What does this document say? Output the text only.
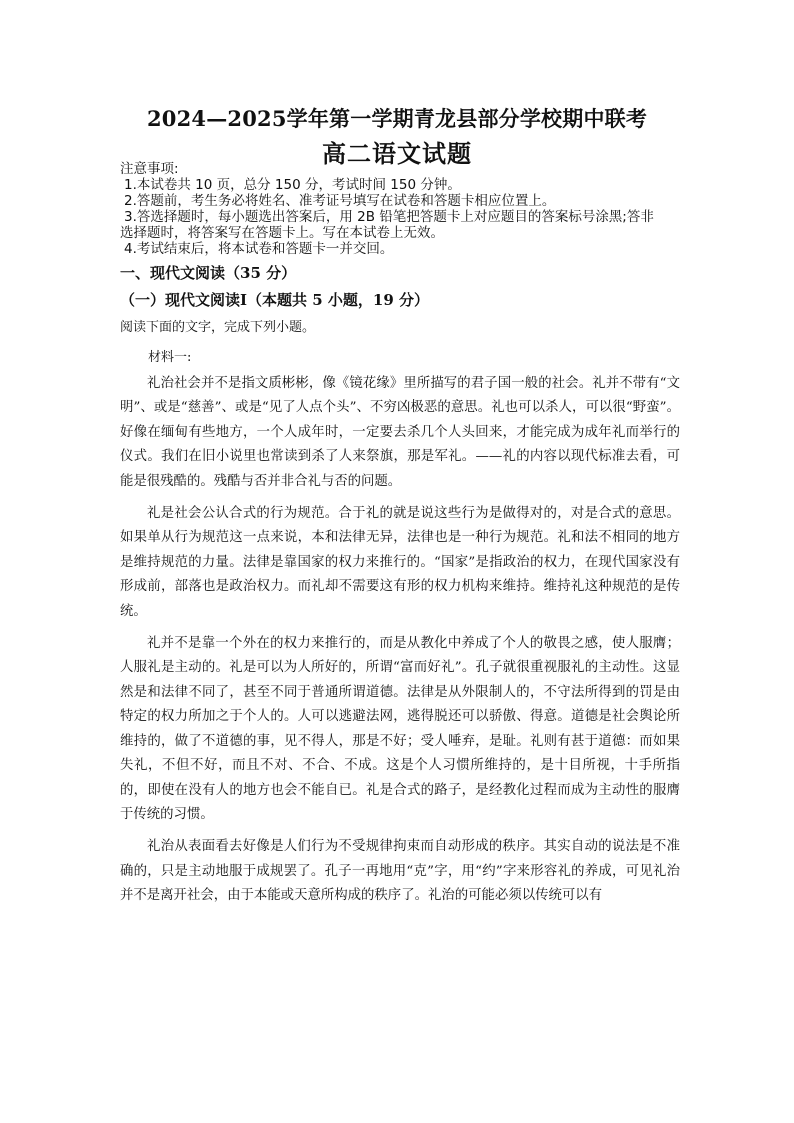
2024—2025学年第一学期青龙县部分学校期中联考
高二语文试题
注意事项:
1.本试卷共 10 页，总分 150 分，考试时间 150 分钟。
2.答题前，考生务必将姓名、准考证号填写在试卷和答题卡相应位置上。
3.答选择题时，每小题选出答案后，用 2B 铅笔把答题卡上对应题目的答案标号涂黑;答非
选择题时，将答案写在答题卡上。写在本试卷上无效。
4.考试结束后，将本试卷和答题卡一并交回。
一、现代文阅读（35 分）
（一）现代文阅读Ⅰ（本题共 5 小题，19 分）
阅读下面的文字，完成下列小题。
材料一:

礼治社会并不是指文质彬彬，像《镜花缘》里所描写的君子国一般的社会。礼并不带有“文明”、或是“慈善”、或是“见了人点个头”、不穷凶极恶的意思。礼也可以杀人，可以很“野蛮”。好像在缅甸有些地方，一个人成年时，一定要去杀几个人头回来，才能完成为成年礼而举行的仪式。我们在旧小说里也常读到杀了人来祭旗，那是军礼。——礼的内容以现代标准去看，可能是很残酷的。残酷与否并非合礼与否的问题。

礼是社会公认合式的行为规范。合于礼的就是说这些行为是做得对的，对是合式的意思。如果单从行为规范这一点来说，本和法律无异，法律也是一种行为规范。礼和法不相同的地方是维持规范的力量。法律是靠国家的权力来推行的。“国家”是指政治的权力，在现代国家没有形成前，部落也是政治权力。而礼却不需要这有形的权力机构来维持。维持礼这种规范的是传统。

礼并不是靠一个外在的权力来推行的，而是从教化中养成了个人的敬畏之感，使人服膺；人服礼是主动的。礼是可以为人所好的，所谓“富而好礼”。孔子就很重视服礼的主动性。这显然是和法律不同了，甚至不同于普通所谓道德。法律是从外限制人的，不守法所得到的罚是由特定的权力所加之于个人的。人可以逃避法网，逃得脱还可以骄傲、得意。道德是社会舆论所维持的，做了不道德的事，见不得人，那是不好；受人唾弃，是耻。礼则有甚于道德：而如果失礼，不但不好，而且不对、不合、不成。这是个人习惯所维持的，是十目所视，十手所指的，即使在没有人的地方也会不能自已。礼是合式的路子，是经教化过程而成为主动性的服膺于传统的习惯。

礼治从表面看去好像是人们行为不受规律拘束而自动形成的秩序。其实自动的说法是不准确的，只是主动地服于成规罢了。孔子一再地用“克”字，用“约”字来形容礼的养成，可见礼治并不是离开社会，由于本能或天意所构成的秩序了。礼治的可能必须以传统可以有
